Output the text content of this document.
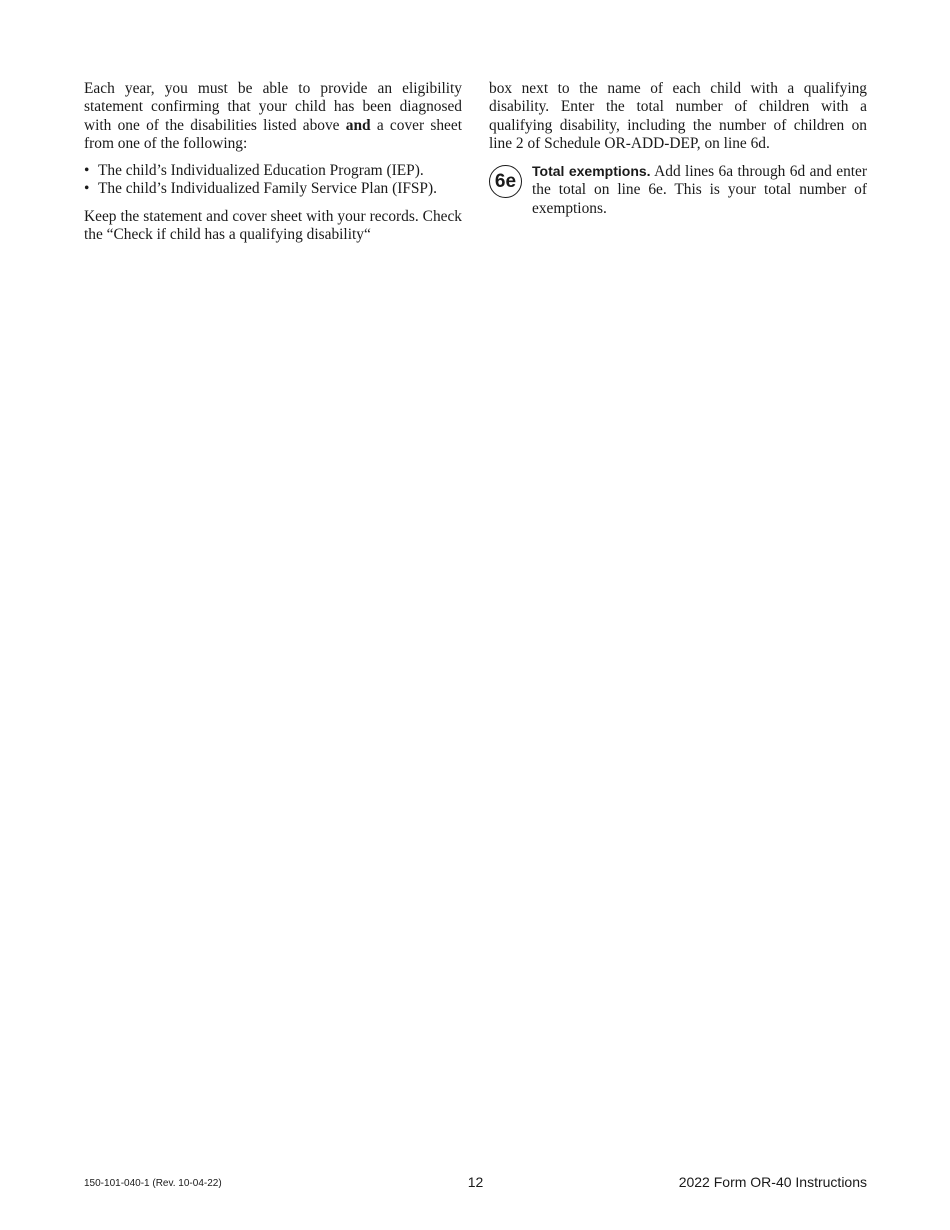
Each year, you must be able to provide an eligibility statement confirming that your child has been diagnosed with one of the disabilities listed above and a cover sheet from one of the following:

• The child’s Individualized Education Program (IEP).
• The child’s Individualized Family Service Plan (IFSP).

Keep the statement and cover sheet with your records. Check the “Check if child has a qualifying disability“

box next to the name of each child with a qualifying disability. Enter the total number of children with a qualifying disability, including the number of children on line 2 of Schedule OR-ADD-DEP, on line 6d.

6e	Total exemptions. Add lines 6a through 6d and enter the total on line 6e. This is your total number of exemptions.

150-101-040-1 (Rev. 10-04-22)	12	2022 Form OR-40 Instructions
